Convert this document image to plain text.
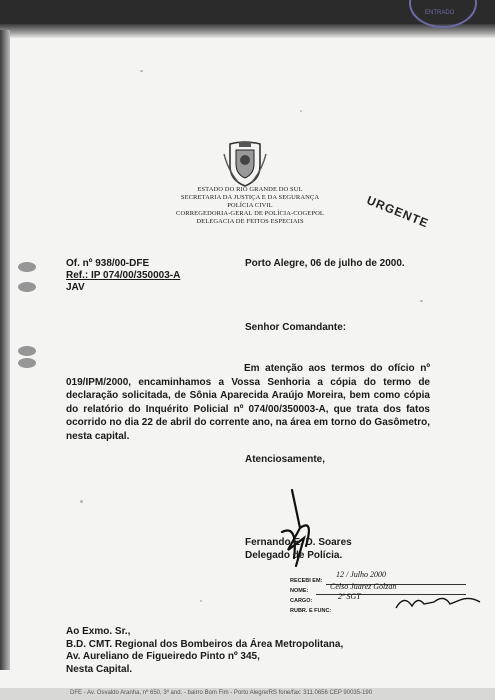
ENTRADO
ESTADO DO RIO GRANDE DO SUL
SECRETARIA DA JUSTIÇA E DA SEGURANÇA
POLÍCIA CIVIL
CORREGEDORIA-GERAL DE POLÍCIA-COGEPOL
DELEGACIA DE FEITOS ESPECIAIS	URGENTE
Of. nº 938/00-DFE
Ref.: IP 074/00/350003-A
JAV
Porto Alegre, 06 de julho de 2000.
Senhor Comandante:
Em atenção aos termos do ofício nº 019/IPM/2000, encaminhamos a Vossa Senhoria a cópia do termo de declaração solicitada, de Sônia Aparecida Araújo Moreira, bem como cópia do relatório do Inquérito Policial nº 074/00/350003-A, que trata dos fatos ocorrido no dia 22 de abril do corrente ano, na área em torno do Gasômetro, nesta capital.
Atenciosamente,
Fernando E. D. Soares
Delegado de Polícia.
RECEBI EM:
12 / Julho 2000
NOME:	Celso Juarez Golzan
CARGO:	2º SGT
RUBR. E FUNC:
Ao Exmo. Sr.,
B.D. CMT. Regional dos Bombeiros da Área Metropolitana,
Av. Aureliano de Figueiredo Pinto nº 345,
Nesta Capital.
DFE - Av. Osvaldo Aranha, nº 650, 3º and. - bairro Bom Fim - Porto Alegre/RS fone/fax: 311.0656 CEP 90035-190
